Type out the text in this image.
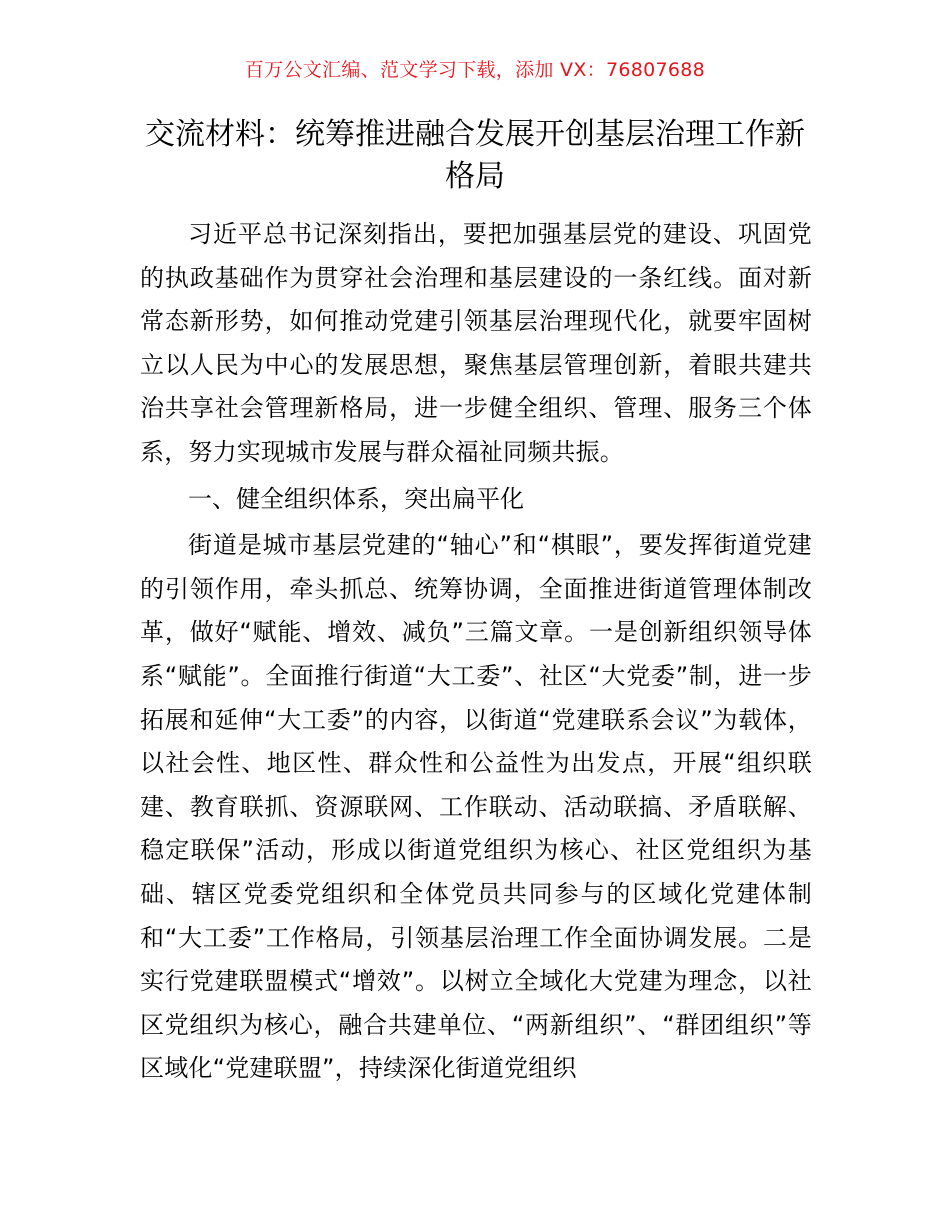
百万公文汇编、范文学习下载，添加 VX：76807688
交流材料：统筹推进融合发展开创基层治理工作新格局

习近平总书记深刻指出，要把加强基层党的建设、巩固党的执政基础作为贯穿社会治理和基层建设的一条红线。面对新常态新形势，如何推动党建引领基层治理现代化，就要牢固树立以人民为中心的发展思想，聚焦基层管理创新，着眼共建共治共享社会管理新格局，进一步健全组织、管理、服务三个体系，努力实现城市发展与群众福祉同频共振。

一、健全组织体系，突出扁平化

街道是城市基层党建的“轴心”和“棋眼”，要发挥街道党建的引领作用，牵头抓总、统筹协调，全面推进街道管理体制改革，做好“赋能、增效、减负”三篇文章。一是创新组织领导体系“赋能”。全面推行街道“大工委”、社区“大党委”制，进一步拓展和延伸“大工委”的内容，以街道“党建联系会议”为载体，以社会性、地区性、群众性和公益性为出发点，开展“组织联建、教育联抓、资源联网、工作联动、活动联搞、矛盾联解、稳定联保”活动，形成以街道党组织为核心、社区党组织为基础、辖区党委党组织和全体党员共同参与的区域化党建体制和“大工委”工作格局，引领基层治理工作全面协调发展。二是实行党建联盟模式“增效”。以树立全域化大党建为理念，以社区党组织为核心，融合共建单位、“两新组织”、“群团组织”等区域化“党建联盟”，持续深化街道党组织
